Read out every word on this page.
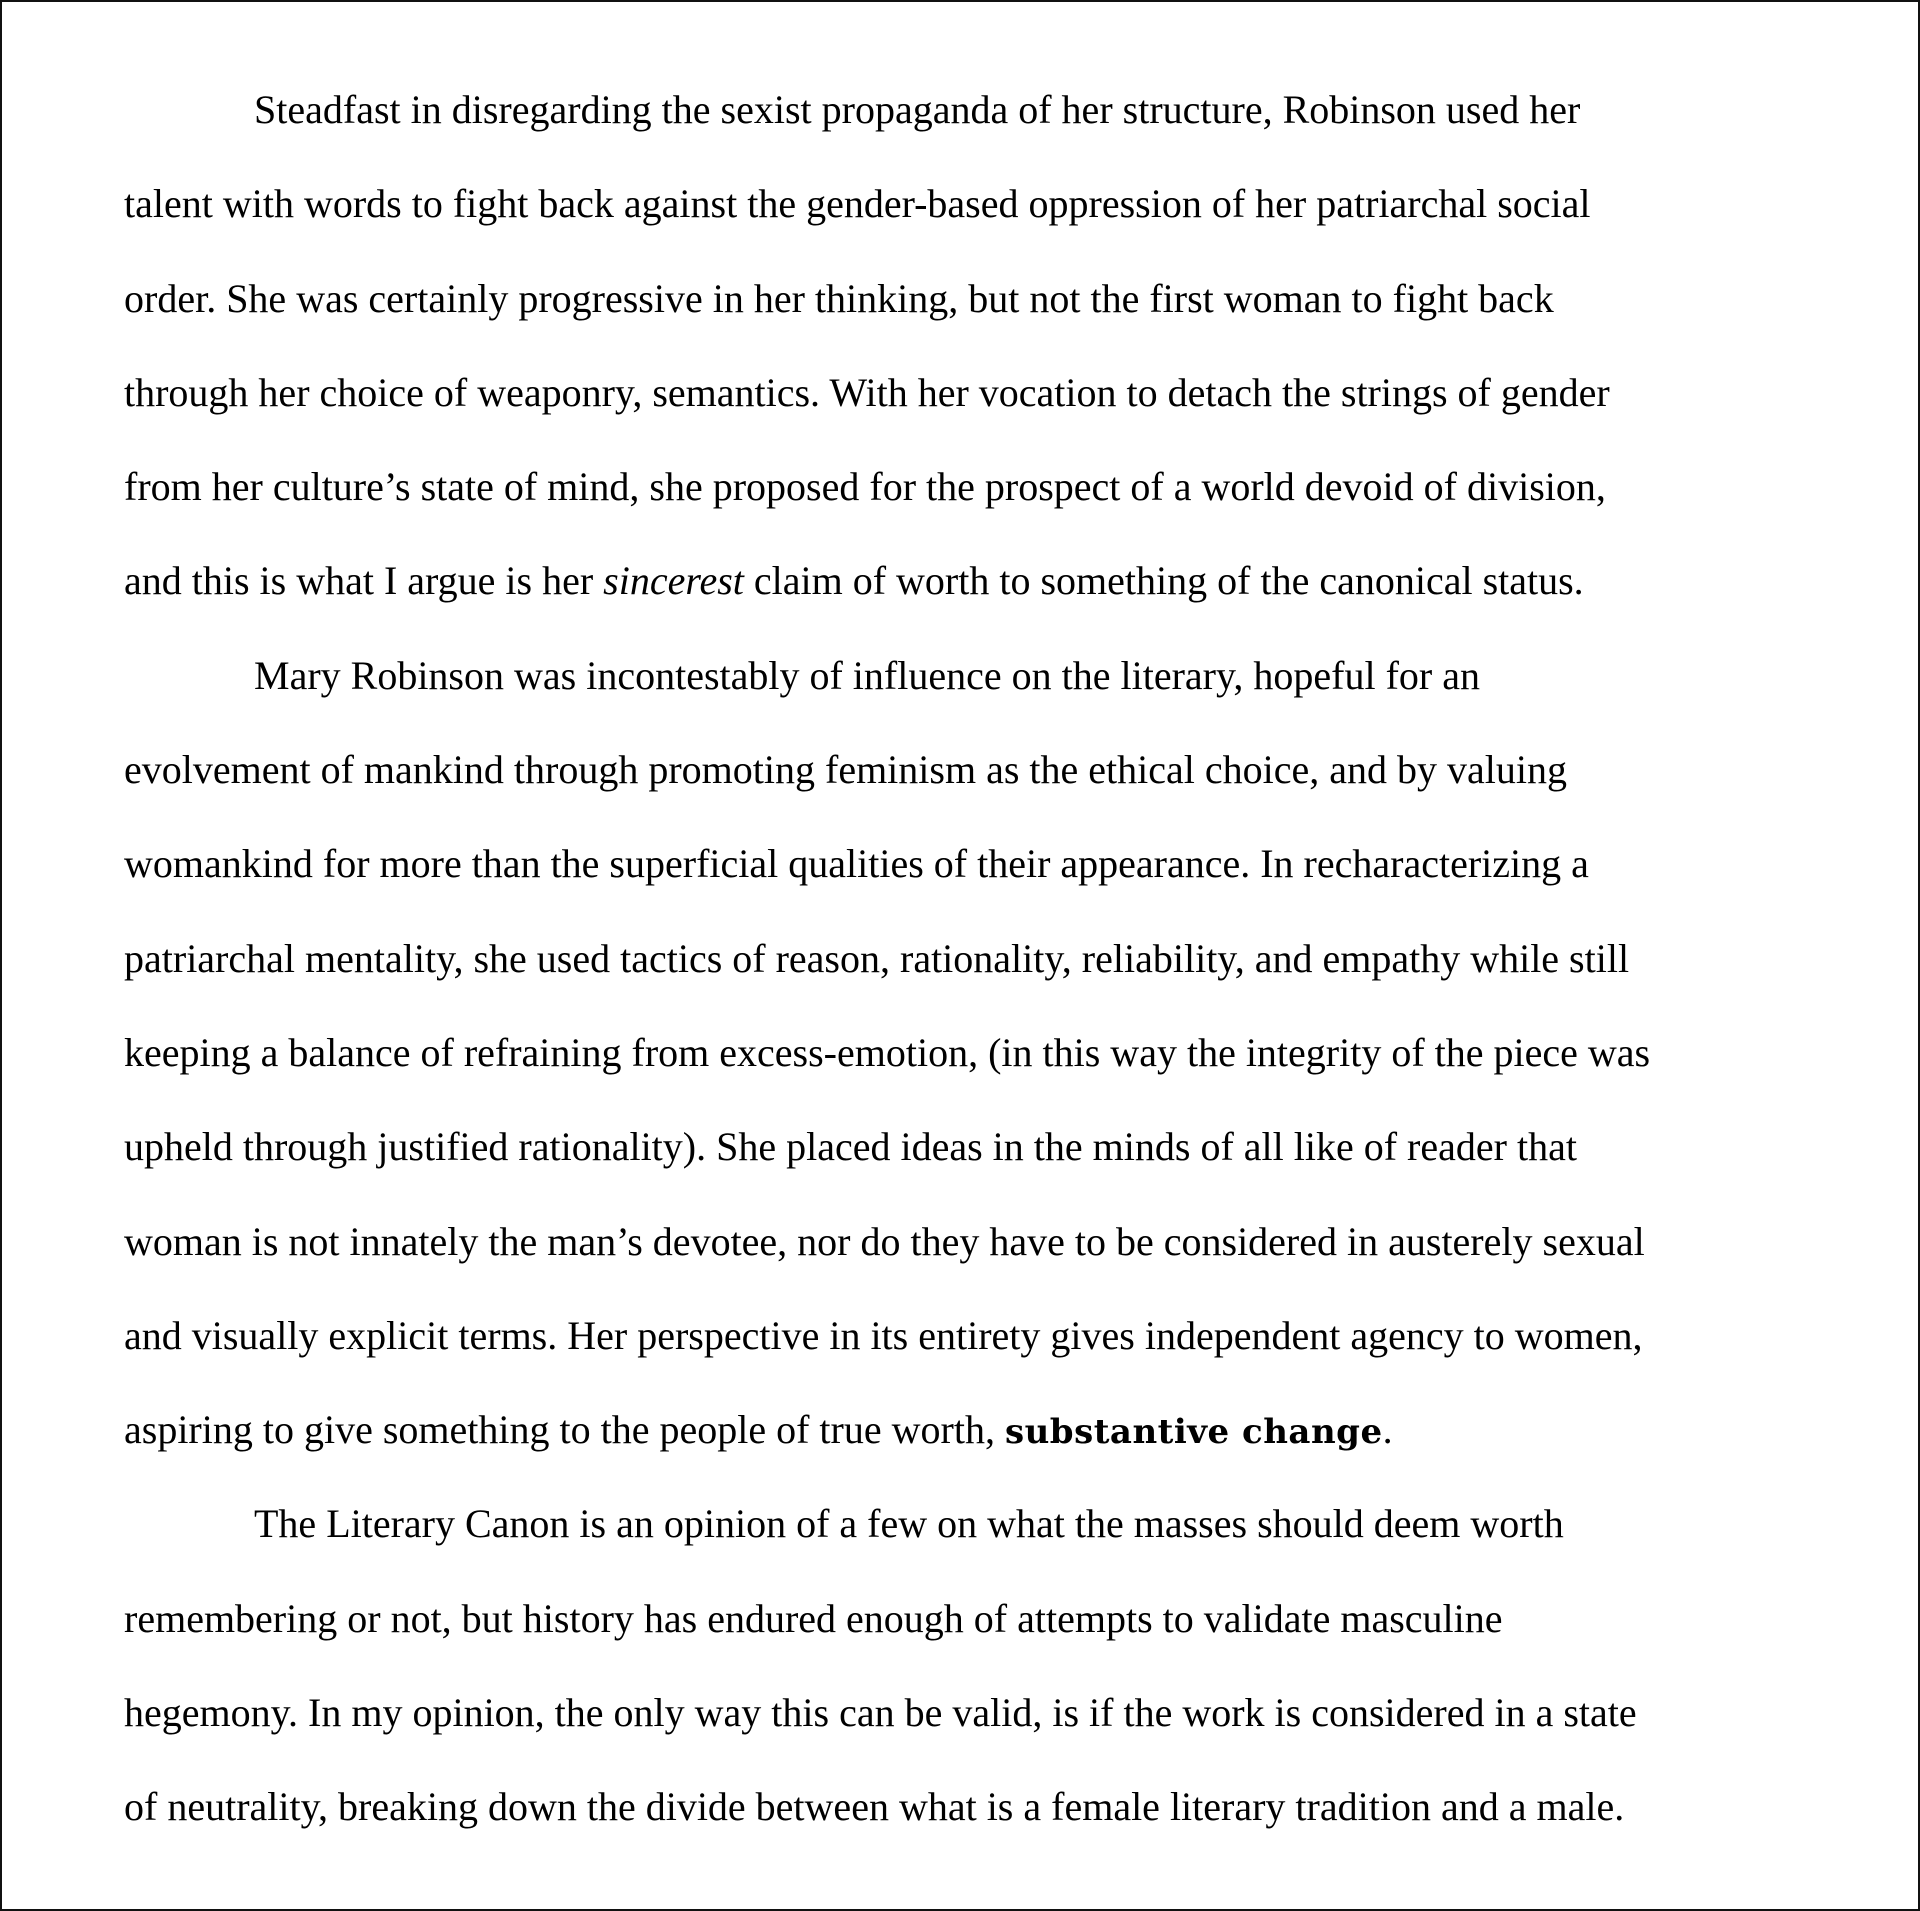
Steadfast in disregarding the sexist propaganda of her structure, Robinson used her
talent with words to fight back against the gender-based oppression of her patriarchal social
order. She was certainly progressive in her thinking, but not the first woman to fight back
through her choice of weaponry, semantics. With her vocation to detach the strings of gender
from her culture’s state of mind, she proposed for the prospect of a world devoid of division,
and this is what I argue is her sincerest claim of worth to something of the canonical status.
Mary Robinson was incontestably of influence on the literary, hopeful for an
evolvement of mankind through promoting feminism as the ethical choice, and by valuing
womankind for more than the superficial qualities of their appearance. In recharacterizing a
patriarchal mentality, she used tactics of reason, rationality, reliability, and empathy while still
keeping a balance of refraining from excess-emotion, (in this way the integrity of the piece was
upheld through justified rationality). She placed ideas in the minds of all like of reader that
woman is not innately the man’s devotee, nor do they have to be considered in austerely sexual
and visually explicit terms. Her perspective in its entirety gives independent agency to women,
aspiring to give something to the people of true worth, substantive change.
The Literary Canon is an opinion of a few on what the masses should deem worth
remembering or not, but history has endured enough of attempts to validate masculine
hegemony. In my opinion, the only way this can be valid, is if the work is considered in a state
of neutrality, breaking down the divide between what is a female literary tradition and a male.
